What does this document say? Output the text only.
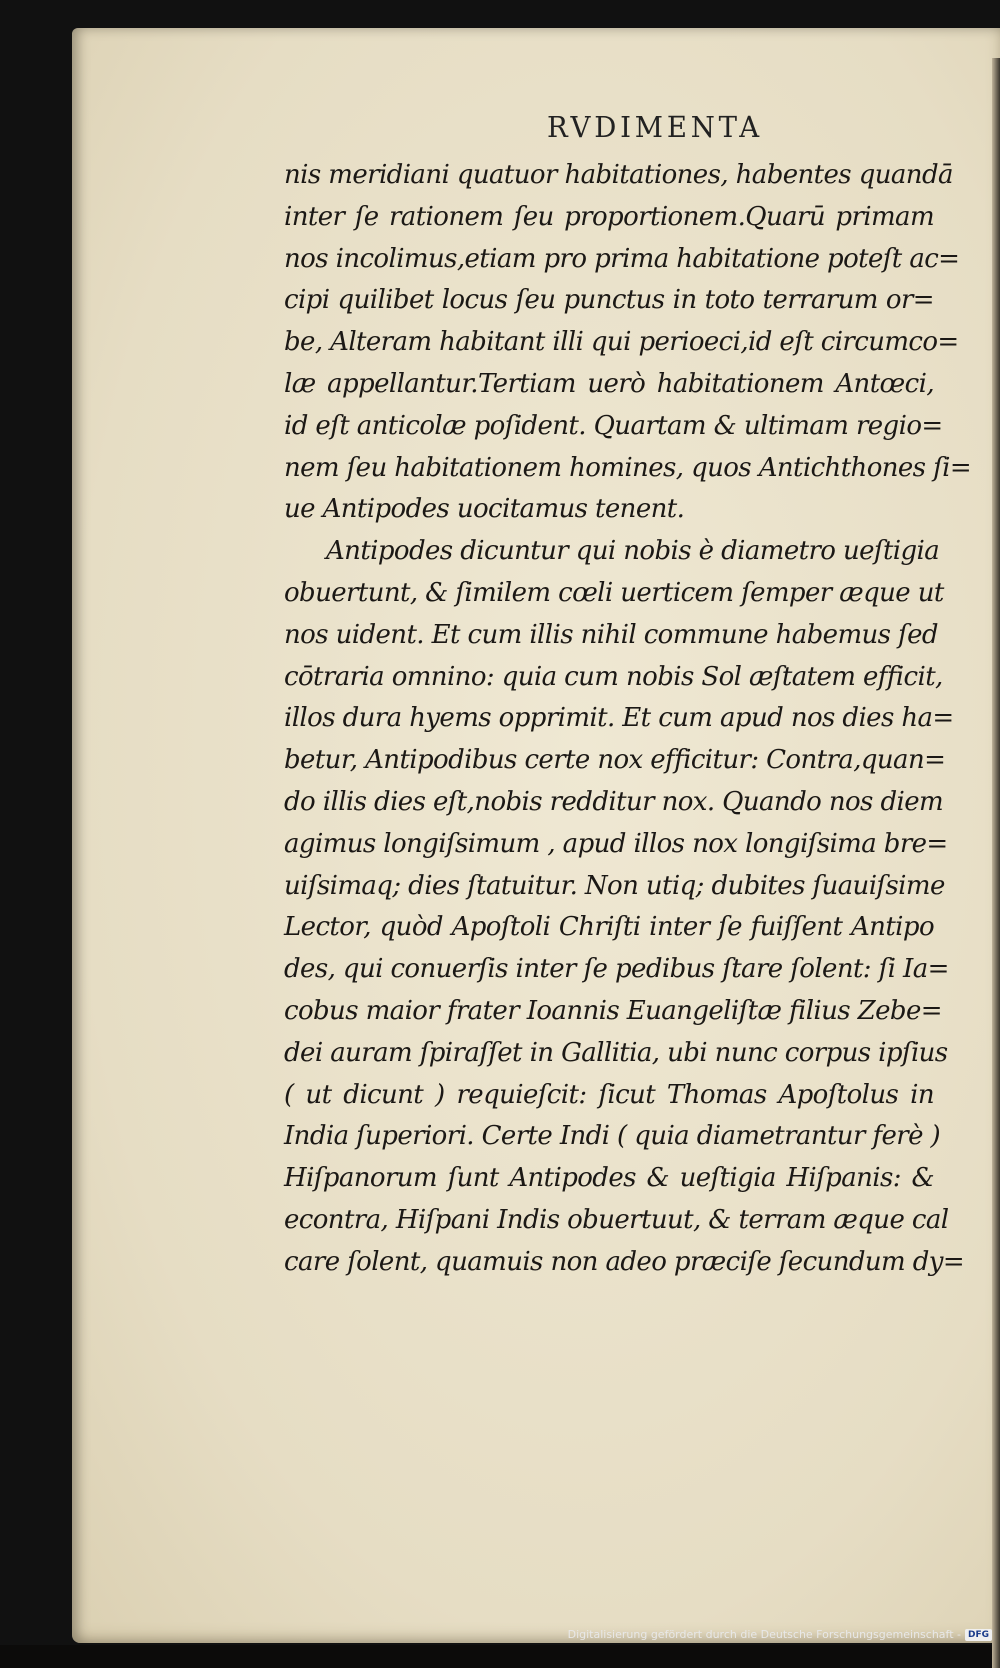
RVDIMENTA
nis meridiani quatuor habitationes, habentes quandā
inter ſe rationem ſeu proportionem.Quarū primam
nos incolimus,etiam pro prima habitatione poteſt ac=
cipi quilibet locus ſeu punctus in toto terrarum or=
be, Alteram habitant illi qui perioeci,id eſt circumco=
læ appellantur.Tertiam uerò habitationem Antœci,
id eſt anticolæ poſident. Quartam & ultimam regio=
nem ſeu habitationem homines, quos Antichthones ſi=
ue Antipodes uocitamus tenent.
Antipodes dicuntur qui nobis è diametro ueſtigia
obuertunt, & ſimilem cœli uerticem ſemper æque ut
nos uident. Et cum illis nihil commune habemus ſed
cōtraria omnino: quia cum nobis Sol æſtatem efficit,
illos dura hyems opprimit. Et cum apud nos dies ha=
betur, Antipodibus certe nox efficitur: Contra,quan=
do illis dies eſt,nobis redditur nox. Quando nos diem
agimus longiſsimum , apud illos nox longiſsima bre=
uiſsimaq; dies ſtatuitur. Non utiq; dubites ſuauiſsime
Lector, quòd Apoſtoli Chriſti inter ſe fuiſſent Antipo
des, qui conuerſis inter ſe pedibus ſtare ſolent: ſi Ia=
cobus maior frater Ioannis Euangeliſtæ filius Zebe=
dei auram ſpiraſſet in Gallitia, ubi nunc corpus ipſius
( ut dicunt ) requieſcit: ſicut Thomas Apoſtolus in
India ſuperiori. Certe Indi ( quia diametrantur ferè )
Hiſpanorum ſunt Antipodes & ueſtigia Hiſpanis: &
econtra, Hiſpani Indis obuertuut, & terram æque cal
care ſolent, quamuis non adeo præciſe ſecundum dy=
Digitalisierung gefördert durch die Deutsche Forschungsgemeinschaft - DFG
